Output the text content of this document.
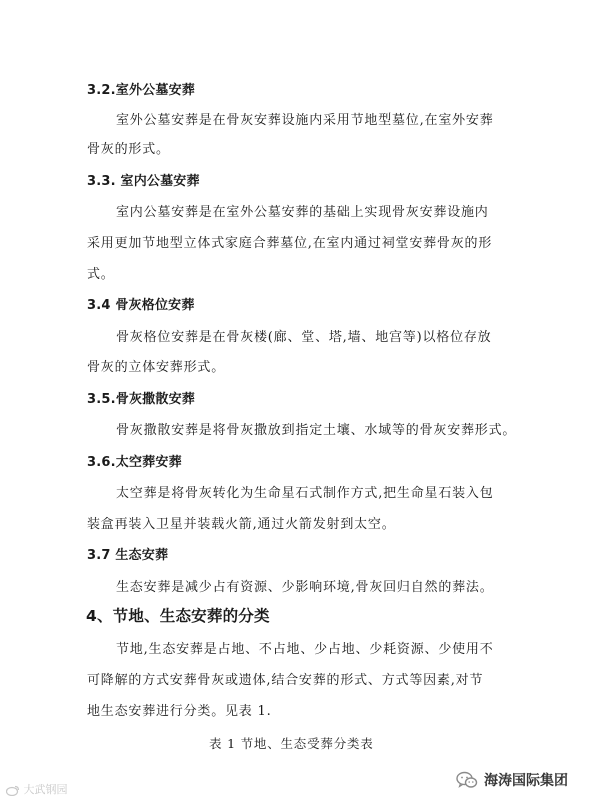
3.2.室外公墓安葬
室外公墓安葬是在骨灰安葬设施内采用节地型墓位,在室外安葬
骨灰的形式。
3.3. 室内公墓安葬
室内公墓安葬是在室外公墓安葬的基础上实现骨灰安葬设施内
采用更加节地型立体式家庭合葬墓位,在室内通过祠堂安葬骨灰的形
式。
3.4 骨灰格位安葬
骨灰格位安葬是在骨灰楼(廊、堂、塔,墙、地宫等)以格位存放
骨灰的立体安葬形式。
3.5.骨灰撒散安葬
骨灰撒散安葬是将骨灰撒放到指定土壤、水域等的骨灰安葬形式。
3.6.太空葬安葬
太空葬是将骨灰转化为生命星石式制作方式,把生命星石装入包
装盒再装入卫星并装载火箭,通过火箭发射到太空。
3.7 生态安葬
生态安葬是减少占有资源、少影响环境,骨灰回归自然的葬法。
4、节地、生态安葬的分类
节地,生态安葬是占地、不占地、少占地、少耗资源、少使用不
可降解的方式安葬骨灰或遗体,结合安葬的形式、方式等因素,对节
地生态安葬进行分类。见表 1.
表 1 节地、生态受葬分类表
大武钢园
海涛国际集团
